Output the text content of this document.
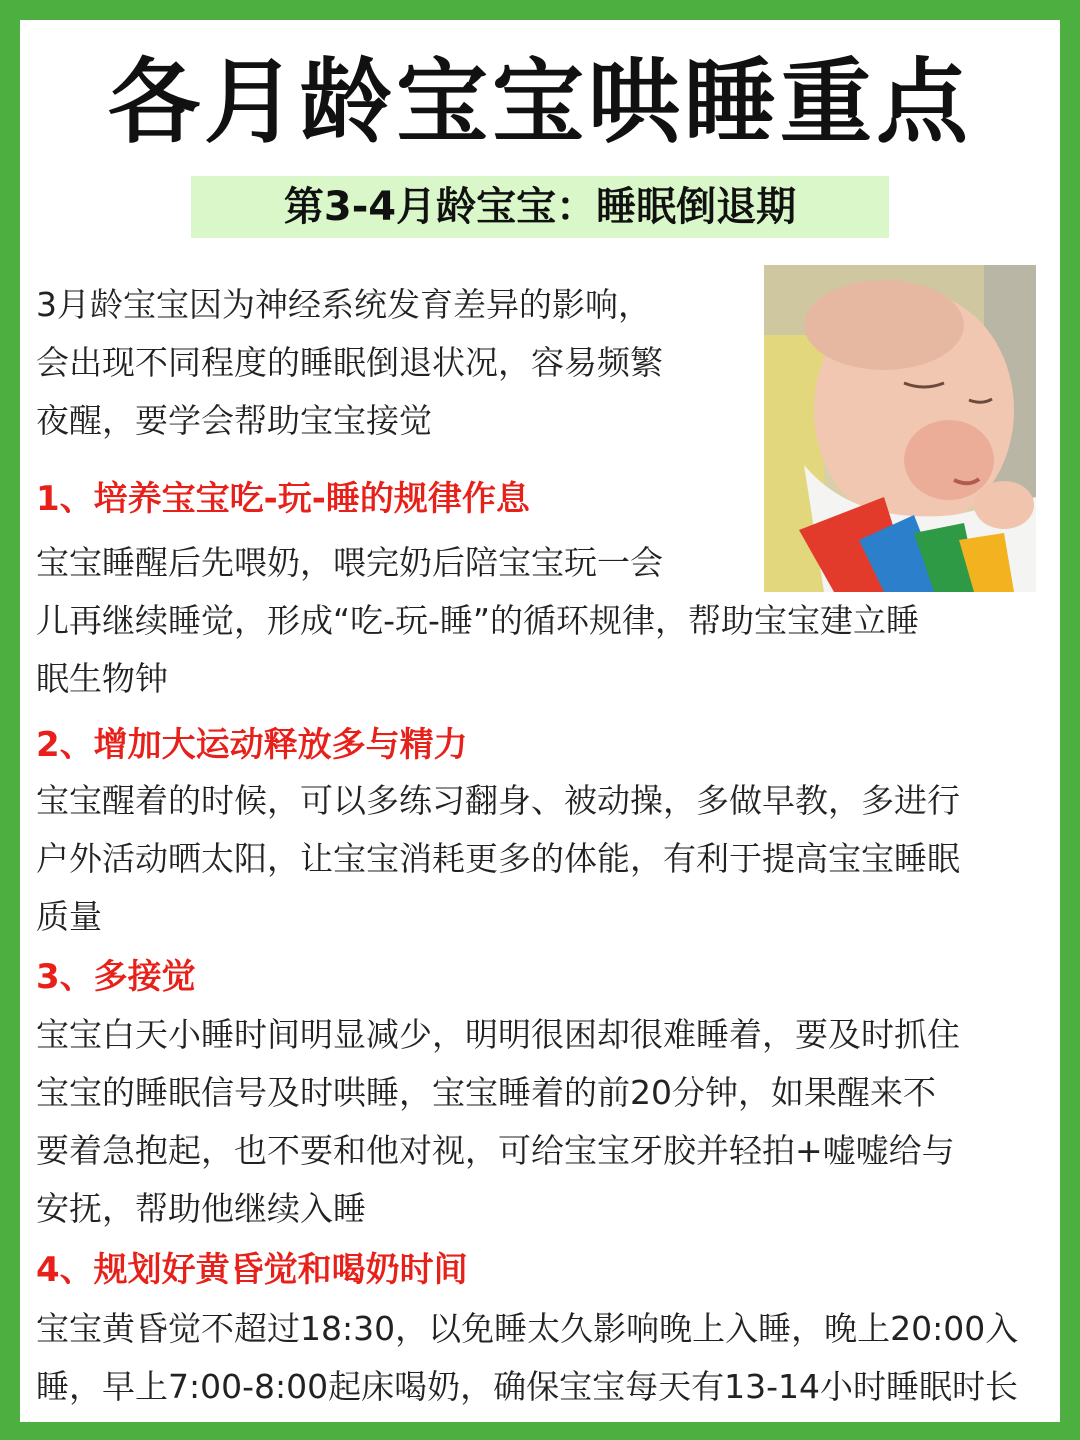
各月龄宝宝哄睡重点
第3-4月龄宝宝：睡眠倒退期
3月龄宝宝因为神经系统发育差异的影响，
会出现不同程度的睡眠倒退状况，容易频繁
夜醒，要学会帮助宝宝接觉
1、培养宝宝吃-玩-睡的规律作息
宝宝睡醒后先喂奶，喂完奶后陪宝宝玩一会
儿再继续睡觉，形成“吃-玩-睡”的循环规律，帮助宝宝建立睡
眠生物钟
2、增加大运动释放多与精力
宝宝醒着的时候，可以多练习翻身、被动操，多做早教，多进行
户外活动晒太阳，让宝宝消耗更多的体能，有利于提高宝宝睡眠
质量
3、多接觉
宝宝白天小睡时间明显减少，明明很困却很难睡着，要及时抓住
宝宝的睡眠信号及时哄睡，宝宝睡着的前20分钟，如果醒来不
要着急抱起，也不要和他对视，可给宝宝牙胶并轻拍+嘘嘘给与
安抚，帮助他继续入睡
4、规划好黄昏觉和喝奶时间
宝宝黄昏觉不超过18:30，以免睡太久影响晚上入睡，晚上20:00入
睡，早上7:00-8:00起床喝奶，确保宝宝每天有13-14小时睡眠时长
